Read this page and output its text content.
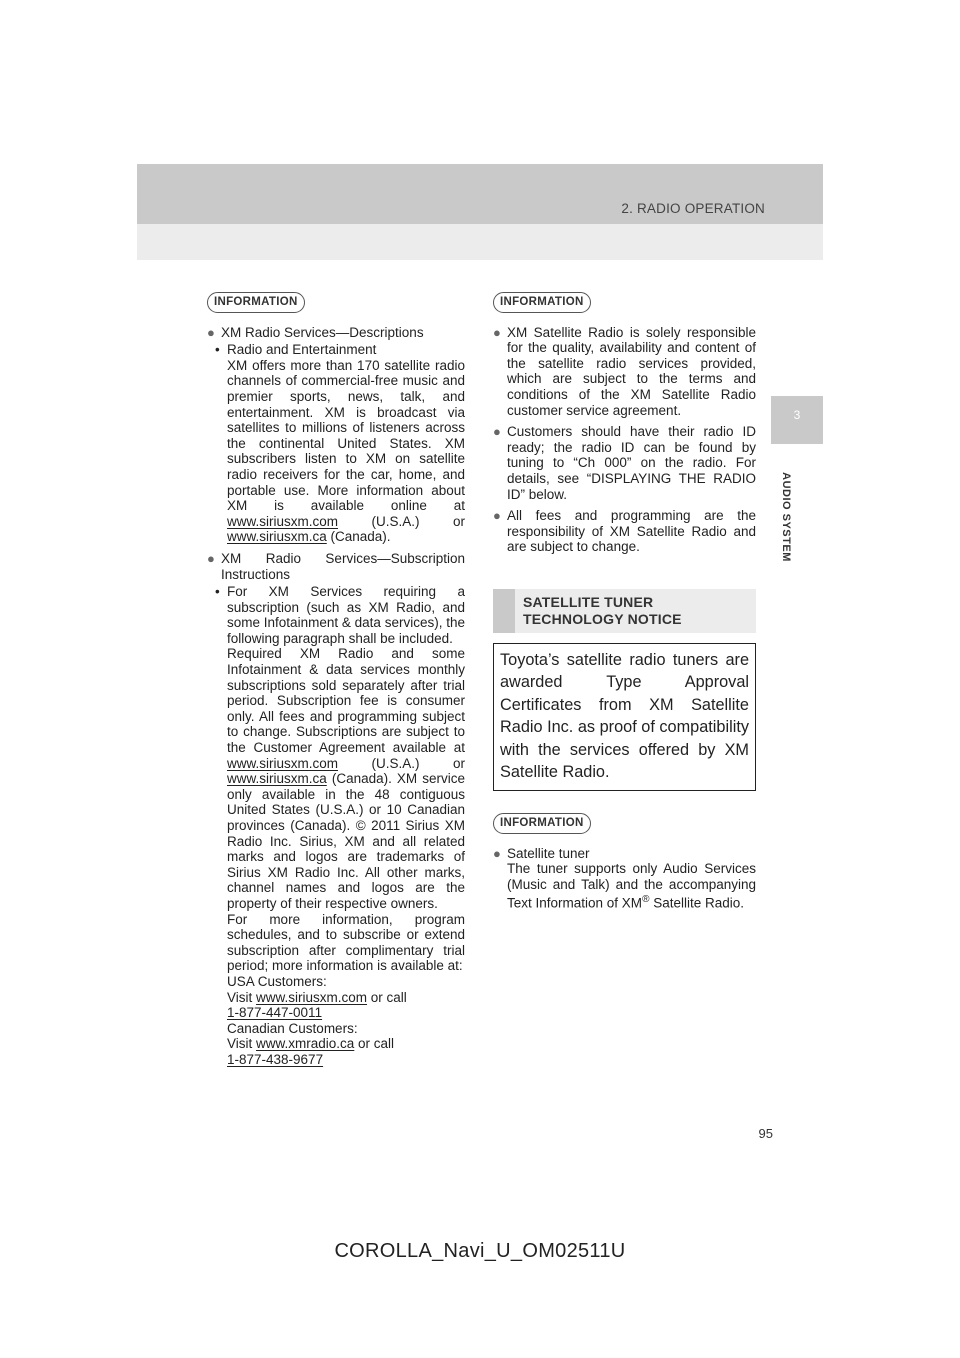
2. RADIO OPERATION
3
AUDIO SYSTEM
INFORMATION
● XM Radio Services—Descriptions

• Radio and Entertainment

XM offers more than 170 satellite radio channels of commercial-free music and premier sports, news, talk, and entertainment. XM is broadcast via satellites to millions of listeners across the continental United States. XM subscribers listen to XM on satellite radio receivers for the car, home, and portable use. More information about XM is available online at www.siriusxm.com (U.S.A.) or www.siriusxm.ca (Canada).

● XM Radio Services—Subscription Instructions

• For XM Services requiring a subscription (such as XM Radio, and some Infotainment & data services), the following paragraph shall be included.

Required XM Radio and some Infotainment & data services monthly subscriptions sold separately after trial period. Subscription fee is consumer only. All fees and programming subject to change. Subscriptions are subject to the Customer Agreement available at www.siriusxm.com (U.S.A.) or www.siriusxm.ca (Canada). XM service only available in the 48 contiguous United States (U.S.A.) or 10 Canadian provinces (Canada). © 2011 Sirius XM Radio Inc. Sirius, XM and all related marks and logos are trademarks of Sirius XM Radio Inc. All other marks, channel names and logos are the property of their respective owners.

For more information, program schedules, and to subscribe or extend subscription after complimentary trial period; more information is available at:

USA Customers:

Visit www.siriusxm.com or call

1-877-447-0011

Canadian Customers:

Visit www.xmradio.ca or call

1-877-438-9677

INFORMATION
● XM Satellite Radio is solely responsible for the quality, availability and content of the satellite radio services provided, which are subject to the terms and conditions of the XM Satellite Radio customer service agreement.

● Customers should have their radio ID ready; the radio ID can be found by tuning to “Ch 000” on the radio. For details, see “DISPLAYING THE RADIO ID” below.

● All fees and programming are the responsibility of XM Satellite Radio and are subject to change.

SATELLITE TUNER
TECHNOLOGY NOTICE
Toyota’s satellite radio tuners are awarded Type Approval Certificates from XM Satellite Radio Inc. as proof of compatibility with the services offered by XM Satellite Radio.
INFORMATION
● Satellite tuner

The tuner supports only Audio Services (Music and Talk) and the accompanying Text Information of XM® Satellite Radio.

95
COROLLA_Navi_U_OM02511U
